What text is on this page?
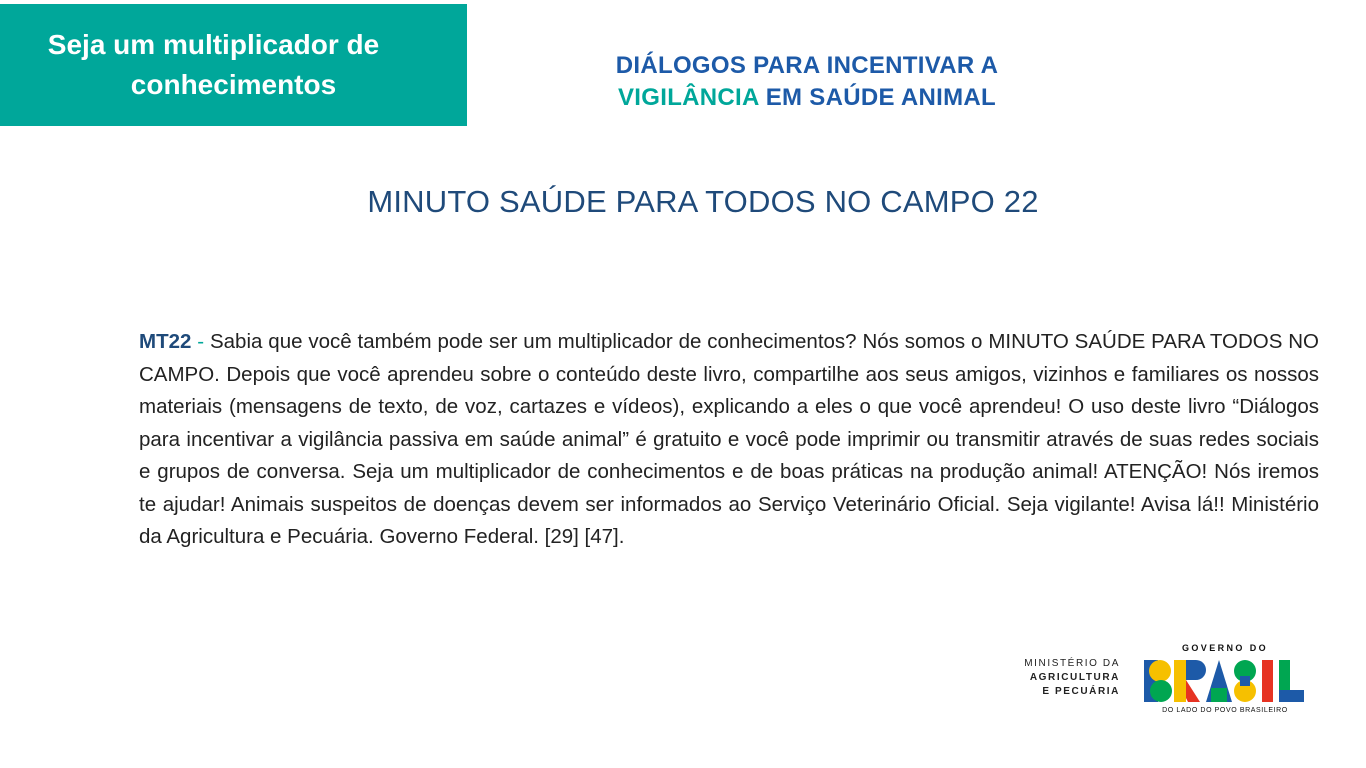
Seja um multiplicador de
conhecimentos
DIÁLOGOS PARA INCENTIVAR A
VIGILÂNCIA EM SAÚDE ANIMAL
MINUTO SAÚDE PARA TODOS NO CAMPO 22

MT22 - Sabia que você também pode ser um multiplicador de conhecimentos? Nós somos o MINUTO SAÚDE PARA TODOS NO CAMPO. Depois que você aprendeu sobre o conteúdo deste livro, compartilhe aos seus amigos, vizinhos e familiares os nossos materiais (mensagens de texto, de voz, cartazes e vídeos), explicando a eles o que você aprendeu! O uso deste livro “Diálogos para incentivar a vigilância passiva em saúde animal” é gratuito e você pode imprimir ou transmitir através de suas redes sociais e grupos de conversa. Seja um multiplicador de conhecimentos e de boas práticas na produção animal! ATENÇÃO! Nós iremos te ajudar! Animais suspeitos de doenças devem ser informados ao Serviço Veterinário Oficial. Seja vigilante! Avisa lá!! Ministério da Agricultura e Pecuária. Governo Federal. [29] [47].

MINISTÉRIO DA
AGRICULTURA
E PECUÁRIA
GOVERNO DO
DO LADO DO POVO BRASILEIRO
